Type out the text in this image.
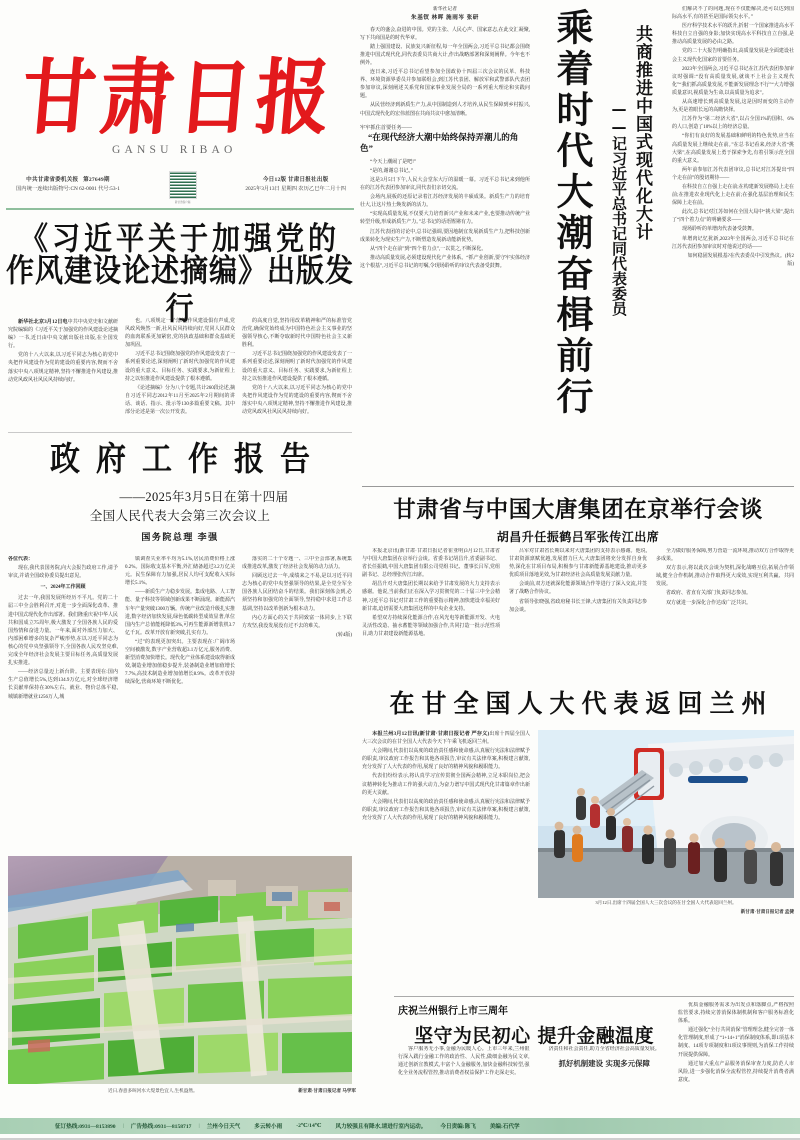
甘肃日报
GANSU RIBAO
中共甘肃省委机关报 第27649期
国内统一连续出版物号:CN 62-0001 代号:53-1
新甘肃客户端
今日12版 甘肃日报社出版
2025年3月13日 星期四 农历乙巳年二月十四
《习近平关于加强党的
作风建设论述摘编》出版发行

新华社北京3月12日电中共中央党史和文献研究院编辑的《习近平关于加强党的作风建设论述摘编》一书,近日由中央文献出版社出版,在全国发行。

党的十八大以来,以习近平同志为核心的党中央把作风建设作为党的建设的重要内容,锲而不舍落实中央八项规定精神,坚持不懈推进作风建设,推动党风政风社风民风持续向好。

也。八项规定一子落地,作风建设俱有声成,党风政风焕然一新,社风民风持续向好,党同人民群众的血肉联系更加紧密,党的执政基础和群众基础更加巩固。

习近平总书记围绕加强党的作风建设发表了一系列重要论述,深刻阐明了新时代加强党的作风建设的重大意义、目标任务、实践要求,为新征程上持之以恒推进作风建设提供了根本遵循。

《论述摘编》分为八个专题,共计260段论述,摘自习近平同志2012年11月至2025年2月期间的讲话、谈话、指示、批示等130多篇重要文稿。其中部分论述是第一次公开发表。

的高度自觉,坚持用改革精神和严的标准管党治党,确保党始终成为中国特色社会主义事业的坚强领导核心,不断夺取新时代中国特色社会主义新胜利。

习近平总书记围绕加强党的作风建设发表了一系列重要论述,深刻阐明了新时代加强党的作风建设的重大意义、目标任务、实践要求,为新征程上持之以恒推进作风建设提供了根本遵循。

党的十八大以来,以习近平同志为核心的党中央把作风建设作为党的建设的重要内容,锲而不舍落实中央八项规定精神,坚持不懈推进作风建设,推动党风政风社风民风持续向好。

政府工作报告
——2025年3月5日在第十四届
全国人民代表大会第三次会议上
国务院总理 李强

各位代表：

现在,我代表国务院,向大会报告政府工作,请予审议,并请全国政协委员提出意见。

一、2024年工作回顾

过去一年,我国发展所经历不平凡。党的二十届三中全会胜利召开,对进一步全面深化改革、推进中国式现代化作出部署。我们隆重庆祝中华人民共和国成立75周年,极大激发了全国各族人民的爱国热情和奋进力量。一年来,面对外部压力加大、内部困难增多的复杂严峻形势,在以习近平同志为核心的党中央坚强领导下,全国各族人民攻坚克难,完成全年经济社会发展主要目标任务,高质量发展扎实推进。

——经济总量迈上新台阶。主要表现在:国内生产总值增长5%,达到134.9万亿元,对全球经济增长贡献率保持在30%左右。就业、物价总体平稳,城镇新增就业1256万人,城

镇调查失业率平均为5.1%,居民消费价格上涨0.2%。国际收支基本平衡,外汇储备超过3.2万亿美元。民生保障有力加强,居民人均可支配收入实际增长5.1%。

——新质生产力稳步发展。集成电路、人工智能、量子科技等领域创新成果不断涌现。新能源汽车年产量突破1300万辆。传统产业改造升级扎实推进,数字经济加快发展,绿色低碳转型成效显著,单位国内生产总值能耗降低3%,可再生能源新增装机3.7亿千瓦。改革开放有新突破,扎实有力。

“过”的表现更加突出。主要表现在:广阔市场空间被激发,数字产业营收超3.1万亿元,服务消费、新型消费加快增长。现代化产业体系建设取得新成效,制造业增加值稳步提升,装备制造业增加值增长7.7%,高技术制造业增加值增长8.9%。改革开放持续深化,营商环境不断优化。

落实的二十个专题一、三中全会部署,系统集成推进改革,激发了经济社会发展的动力活力。

回顾这过去一年,成绩来之不易,是以习近平同志为核心的党中央坚强领导的结果,是全党全军全国各族人民团结奋斗的结果。我们深刻体会到,必须坚持和加强党的全面领导,坚持稳中求进工作总基调,坚持以改革创新为根本动力。

内心方面心的关于共同致富一体同步,上下联方攻坚,我没发展没有过不去的难关。

(转4版)

近日,春意多叫河水大堤景色宜人,生机盎然。	新甘肃·甘肃日报记者 马学军
新华社记者
朱基钗 林晖 施雨岑 张研

春天的盛会,奋进的中国。党的主张、人民心声、国家意志,在此交汇凝聚,写下共商国是的时代华章。

踏上强国建设、民族复兴新征程,每一年全国两会,习近平总书记都会围绕推进中国式现代化,同代表委员共商大计,作出战略部署和深刻阐释。今年也不例外。

连日来,习近平总书记看望参加全国政协十四届三次会议的民革、科技界、环境资源界委员并参加联组会,到江苏代表团、解放军和武警部队代表团参加审议,深刻阐述关系党和国家事业发展全局的一系列重大理论和实践问题。

从民营经济到新质生产力,从中国制造到人才培养,从民生保障到乡村振兴,中国式现代化的宏伟蓝图在共商共议中愈加清晰。

牢牢抓住首要任务——
“在现代经济大潮中始终保持弄潮儿的角色”

“今天上潮闹了是吧!”

“是的,谢谢总书记。”

这是3月5日下午,人民大会堂东大厅的温暖一幕。习近平总书记来到他所在的江苏代表团参加审议,同代表们亲切交流。

会场内,展板的还原记录着江苏经济发展的丰硕成果。新质生产力的培育壮大,让这片热土焕发新的活力。

“实现高质量发展,不仅要大力培育新兴产业和未来产业,也要推动传统产业转型升级,形成新质生产力。”总书记的话语铿锵有力。

江苏代表团的讨论中,总书记强调,要因地制宜发展新质生产力,把科技创新成果转化为现实生产力,不断塑造发展新动能新优势。

从“四个走在前”到“四个着力点”,一以贯之,不断深化。

推动高质量发展,必须建设现代化产业体系。“抓产业创新,要守牢实体经济这个根基”,习近平总书记的叮嘱,令现场聆听的审议代表备受鼓舞。	乘着时代大潮奋楫前行 共商推进中国式现代化大计
——记习近平总书记同代表委员

们解决不了的问题,现在不仅能解决,还可以达到国际高水平,有的甚至是国际领尖水平。”

医疗科学技术水平的跃升,折射一个国家推进高水平科技自立自强的身影;加快实现高水平科技自立自强,是推动高质量发展的必由之路。

党的二十大报告明确指出,高质量发展是全面建设社会主义现代化国家的首要任务。

2023年全国两会,习近平总书记在江苏代表团参加审议时强调:“没有高质量发展,就谈不上社会主义现代化”“我们抓高质量发展,不能新发展理念不行”“大力增强质量意识,视质量为生命,以高质量为追求”。

从高速增长到高质量发展,这是因时而变的主动作为,更是着眼长远的高瞻快择。

江苏作为“第二经济大省”,以占全国1%的国积、6%的人口,创造了10%以上的经济总量。

“你们有良好的发展基础和鲜明的特色优势,应当在高质量发展上继续走在前。”在总书记看来,经济大省“挑大梁”,在高质量发展上勇于探索争先,有着引领示范全国的重大意义。

两年前参加江苏代表团审议,总书记对江苏提出“四个走在前”的殷切期待——

在科技自立自强上走在前;在构建新发展格局上走在前;在推进农业现代化上走在前;在强化基层治理和民生保障上走在前。

此次,总书记对江苏如何在全国大局中“挑大梁”,提出了“四个着力点”的明确要求——

现场聆听的单增肉代表备受鼓舞。

单增肉记忆犹新,2023年全国两会,习近平总书记在江苏代表团参加审议时对他说过的话——

如何稳固发展根基?在代表委员中引发热议。(转2版)

甘肃省与中国大唐集团在京举行会谈
胡昌升任振鹤吕军张传江出席

本报北京讯(新甘肃·甘肃日报记者崔亚明)3月12日,甘肃省与中国大唐集团在京举行会谈。省委书记胡昌升,省委副书记、省长任振鹤,中国大唐集团有限公司党组书记、董事长吕军,党组副书记、总经理张传江出席。

胡昌升对大唐集团长期以来给予甘肃发展的大力支持表示感谢。他说,当前我们正在深入学习贯彻党的二十届三中全会精神,习近平总书记对甘肃工作的重要指示精神,加快建设幸福美好新甘肃,迫切需要大唐集团这样的中央企业支持。

希望双方持续深化能源合作,在风光电等新能源开发、火电灵活性改造、抽水蓄能等领域加强合作,共同打造一批示范性项目,助力甘肃建设新能源基地。

吕军对甘肃省长期以来对大唐集团的支持表示感谢。他说,甘肃资源禀赋优越,发展潜力巨大,大唐集团将充分发挥自身优势,深化在甘项目布局,积极参与甘肃新能源基地建设,推动更多优质项目落地见效,为甘肃经济社会高质量发展贡献力量。

会谈前,双方还就深化能源领域合作等进行了深入交流,并签署了战略合作协议。

省领导张晓强,省政府秘书长王锋,大唐集团有关负责同志参加会谈。

全力做好服务保障,努力营造一流环境,推动双方合作取得更多成果。

双方表示,将以此次会谈为契机,深化战略互信,拓展合作领域,健全合作机制,推动合作取得更大成效,实现互利共赢、共同发展。

省政府、省直有关部门负责同志参加。

双方就进一步深化合作达成广泛共识。

在甘全国人大代表返回兰州

本报兰州3月12日讯(新甘肃·甘肃日报记者 严存义)出席十四届全国人大三次会议的在甘全国人大代表今天下午乘飞机返回兰州。

大会期间,代表们以高度的政治责任感和使命感,认真履行宪法和法律赋予的职责,审议政府工作报告和其他各项报告,审议有关法律草案,积极建言献策,充分发挥了人大代表的作用,展现了良好的精神风貌和履职能力。

代表们纷纷表示,将认真学习宣传贯彻全国两会精神,立足本职岗位,把会议精神转化为推动工作的强大动力,为奋力谱写中国式现代化甘肃篇章作出新的更大贡献。

大会期间,代表们以高度的政治责任感和使命感,认真履行宪法和法律赋予的职责,审议政府工作报告和其他各项报告,审议有关法律草案,积极建言献策,充分发挥了人大代表的作用,展现了良好的精神风貌和履职能力。

3月12日,出席十四届全国人大三次会议的在甘全国人大代表返回兰州。
新甘肃·甘肃日报记者 孟捷
庆祝兰州银行上市三周年
坚守为民初心 提升金融温度

客户服务无小事,金融为民暖人心。上市三年来,兰州银行深入践行金融工作的政治性、人民性,做细金融为民文章,通过创新宣教模式,丰富个人金融服务,加快金融科技转型,强化全业务流程管控,推动消费者权益保护工作走深走实。

济责任和社会责任,助力全省经济社会高质量发展。

抓好机制建设 实现多元保障

优质金融服务需求为出发点和落脚点,严格按照监管要求,持续完善消保体制机制和客户服务标准化体系。

通过强化“全行共同消保”管理理念,健全完善一体化管理制度,形成了“1+14+1”消保制度体系,即1项基本制度、14项专项制度和1项议事规则,为消保工作持续开展提供保障。

通过加大重点产品服务消保审查力度,防范人市风险,进一步强化消保全流程管控,持续提升消费者满意度。

征订热线:0931—8153890	|	广告热线:0931—8158717	|	兰州今日天气	多云转小雨	-2℃/14℃	风力较强且有降水,请进行室内运动。	今日责编:陈飞	美编:石代学
